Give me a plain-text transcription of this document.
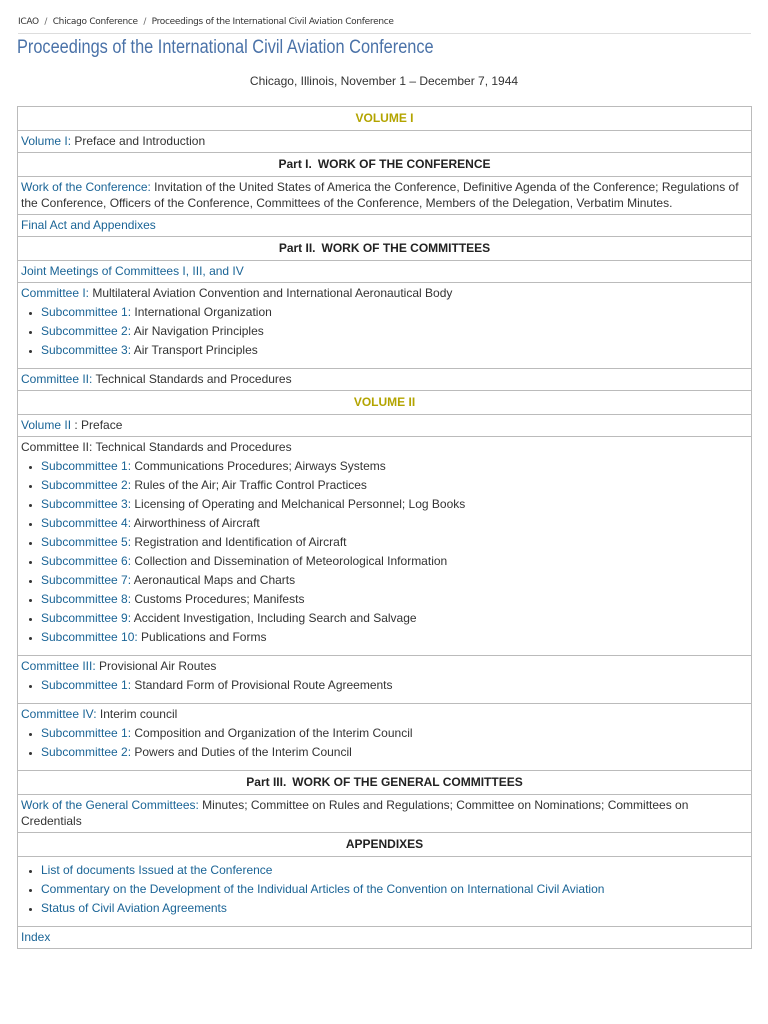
ICAO / Chicago Conference / Proceedings of the International Civil Aviation Conference
Proceedings of the International Civil Aviation Conference
Chicago, Illinois, November 1 – December 7, 1944
VOLUME I
Volume I: Preface and Introduction
Part I. WORK OF THE CONFERENCE
Work of the Conference: Invitation of the United States of America the Conference, Definitive Agenda of the Conference; Regulations of the Conference, Officers of the Conference, Committees of the Conference, Members of the Delegation, Verbatim Minutes.
Final Act and Appendixes
Part II. WORK OF THE COMMITTEES
Joint Meetings of Committees I, III, and IV
Committee I: Multilateral Aviation Convention and International Aeronautical Body
• Subcommittee 1: International Organization
• Subcommittee 2: Air Navigation Principles
• Subcommittee 3: Air Transport Principles

Committee II: Technical Standards and Procedures
VOLUME II
Volume II : Preface
Committee II: Technical Standards and Procedures
• Subcommittee 1: Communications Procedures; Airways Systems
• Subcommittee 2: Rules of the Air; Air Traffic Control Practices
• Subcommittee 3: Licensing of Operating and Melchanical Personnel; Log Books
• Subcommittee 4: Airworthiness of Aircraft
• Subcommittee 5: Registration and Identification of Aircraft
• Subcommittee 6: Collection and Dissemination of Meteorological Information
• Subcommittee 7: Aeronautical Maps and Charts
• Subcommittee 8: Customs Procedures; Manifests
• Subcommittee 9: Accident Investigation, Including Search and Salvage
• Subcommittee 10: Publications and Forms

Committee III: Provisional Air Routes
• Subcommittee 1: Standard Form of Provisional Route Agreements

Committee IV: Interim council
• Subcommittee 1: Composition and Organization of the Interim Council
• Subcommittee 2: Powers and Duties of the Interim Council

Part III. WORK OF THE GENERAL COMMITTEES
Work of the General Committees: Minutes; Committee on Rules and Regulations; Committee on Nominations; Committees on Credentials
APPENDIXES

• List of documents Issued at the Conference
• Commentary on the Development of the Individual Articles of the Convention on International Civil Aviation
• Status of Civil Aviation Agreements

Index
